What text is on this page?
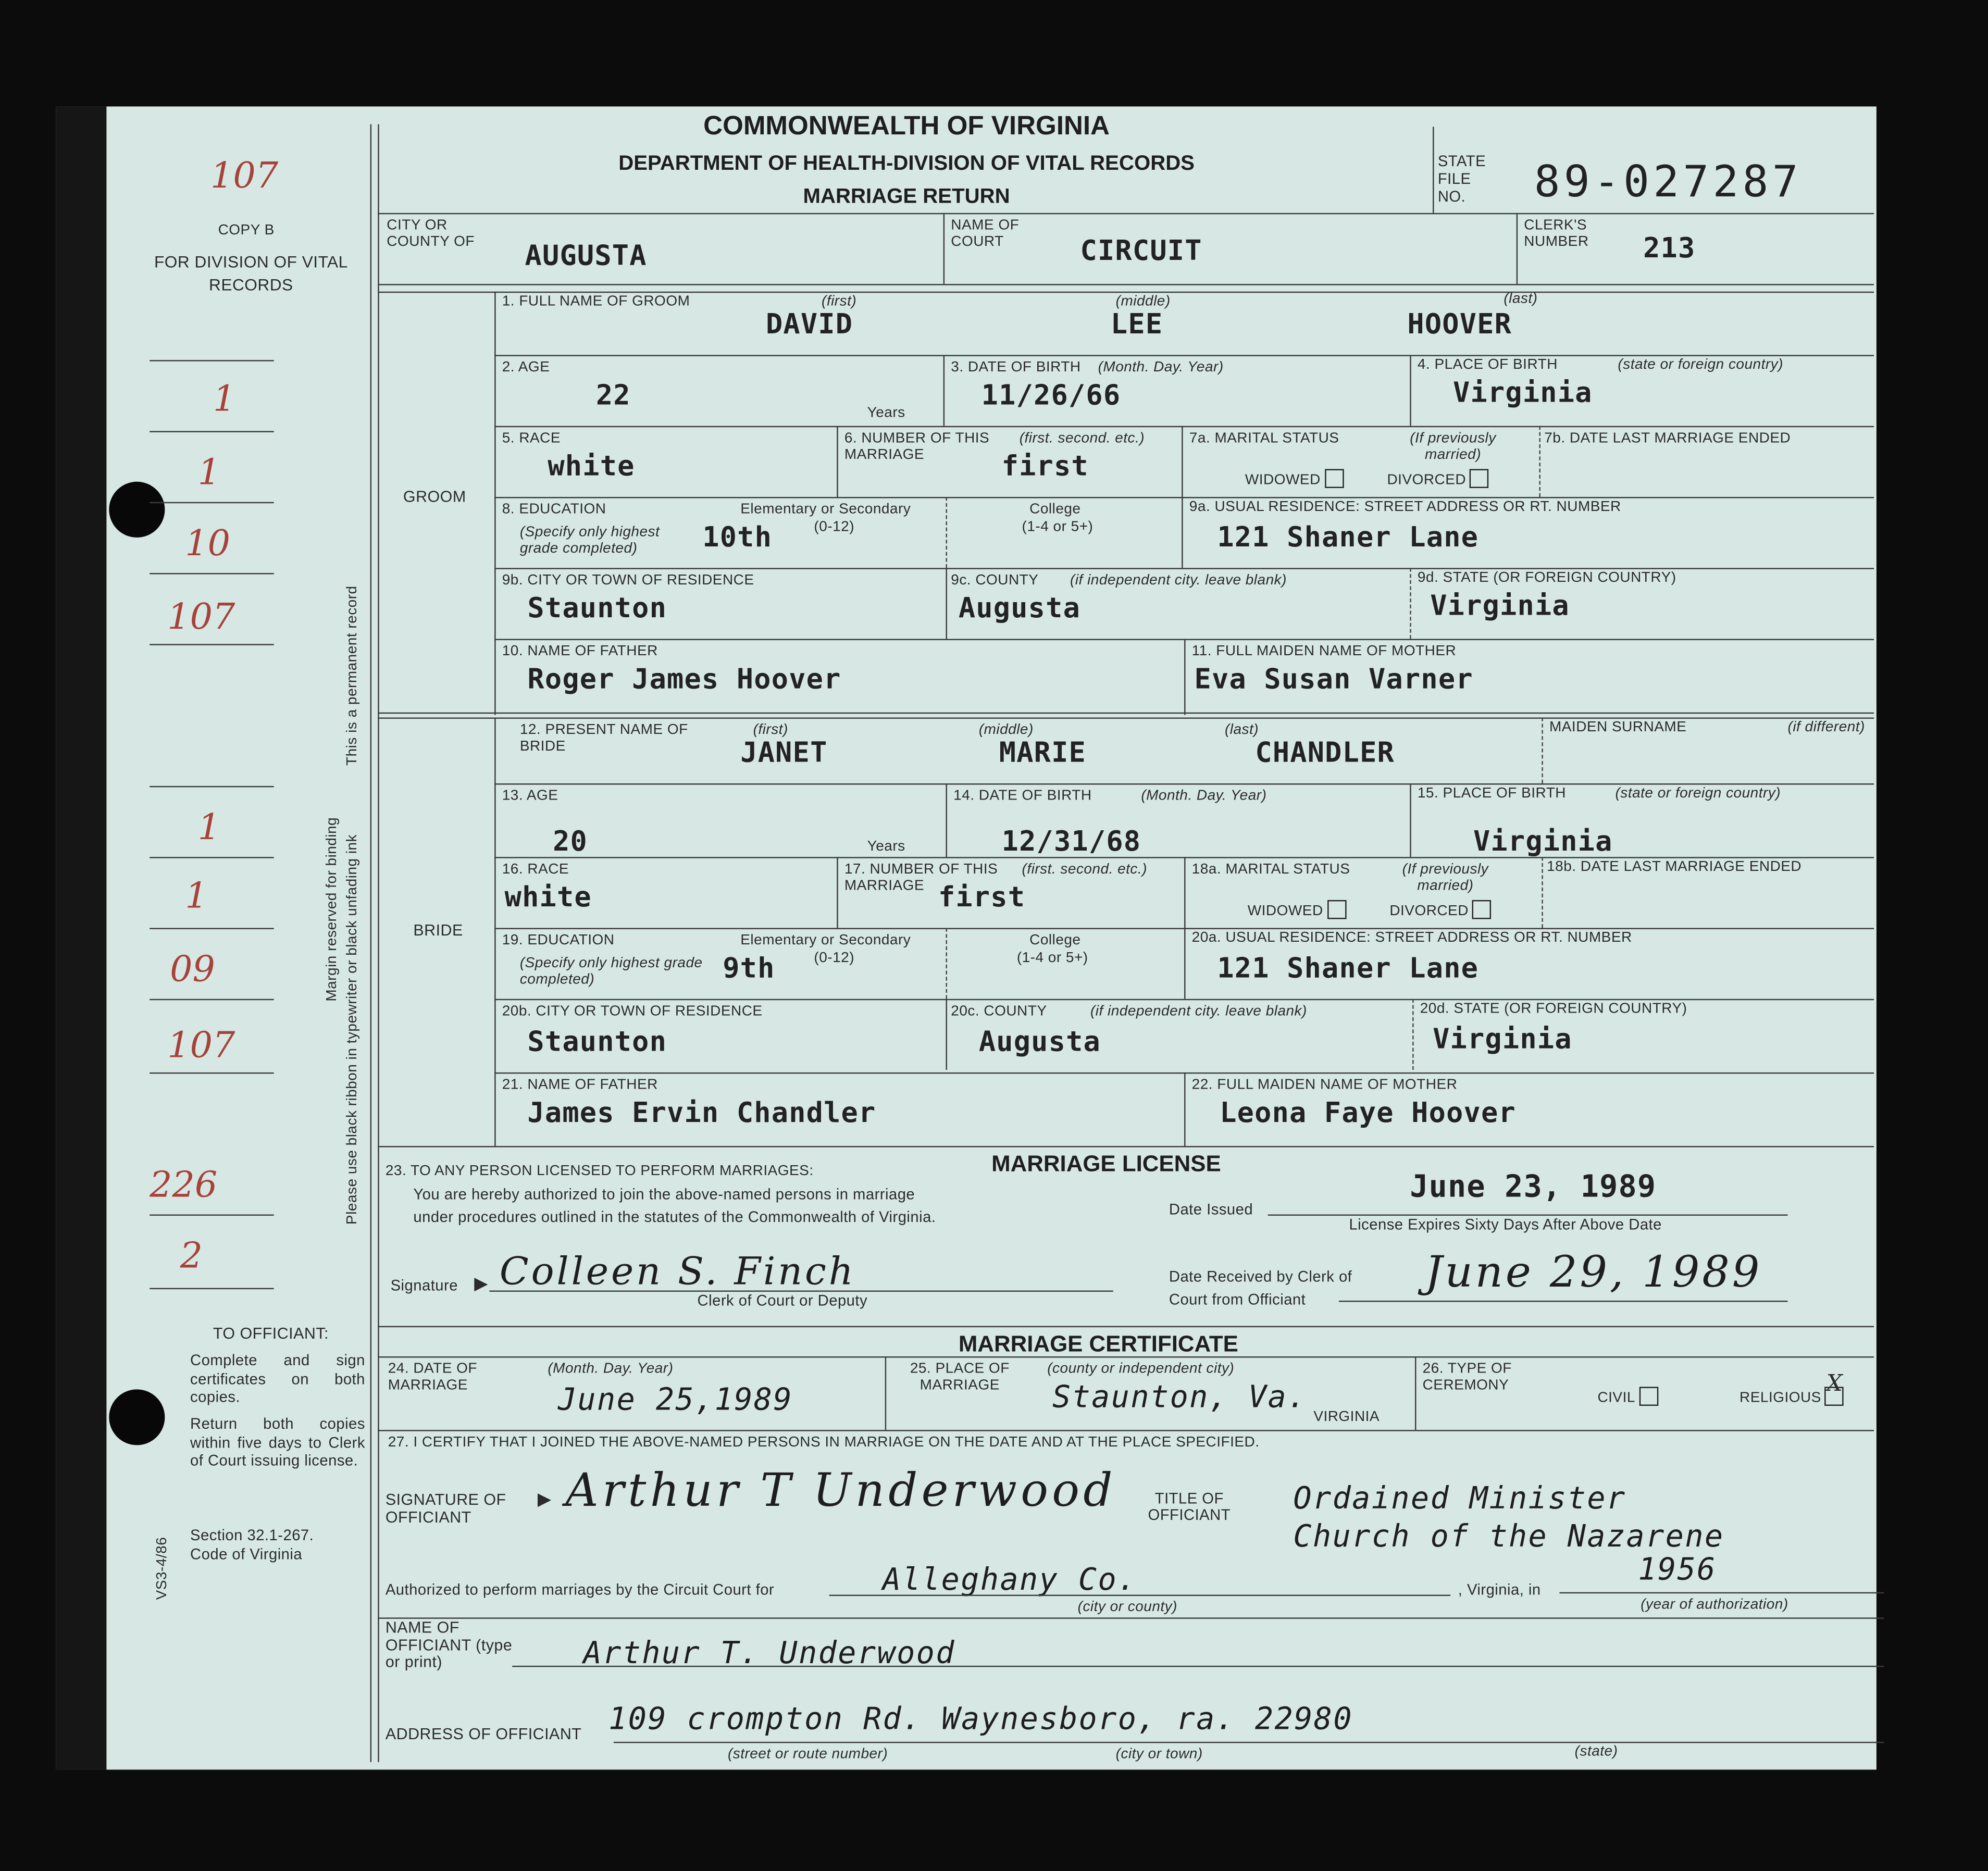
107
COPY B
FOR DIVISION OF VITAL RECORDS
1
1
10
107
1
1
09
107
226
2
TO OFFICIANT:
Complete and sign certificates on both copies.
Return both copies within five days to Clerk of Court issuing license.
Section 32.1-267. Code of Virginia
VS3-4/86
Margin reserved for binding Please use black ribbon in typewriter or black unfading ink
This is a permanent record
COMMONWEALTH OF VIRGINIA
DEPARTMENT OF HEALTH-DIVISION OF VITAL RECORDS
MARRIAGE RETURN
STATE FILE NO.	89-027287
CITY OR COUNTY OF	AUGUSTA
NAME OF COURT	CIRCUIT
CLERK'S NUMBER	213
GROOM
1. FULL NAME OF GROOM	(first)	(middle)	(last)
DAVID	LEE	HOOVER
2. AGE
22
Years
3. DATE OF BIRTH	(Month. Day. Year)
11/26/66
4. PLACE OF BIRTH	(state or foreign country)
Virginia
5. RACE
white
6. NUMBER OF THIS MARRIAGE
(first. second. etc.)
first
7a. MARITAL STATUS	(If previously married)
WIDOWED	DIVORCED
7b. DATE LAST MARRIAGE ENDED
8. EDUCATION
(Specify only highest grade completed)
Elementary or Secondary
(0-12)
10th
College
(1-4 or 5+)
9a. USUAL RESIDENCE: STREET ADDRESS OR RT. NUMBER
121 Shaner Lane
9b. CITY OR TOWN OF RESIDENCE
Staunton
9c. COUNTY	(if independent city. leave blank)
Augusta
9d. STATE (OR FOREIGN COUNTRY)
Virginia
10. NAME OF FATHER
Roger James Hoover
11. FULL MAIDEN NAME OF MOTHER
Eva Susan Varner
BRIDE
12. PRESENT NAME OF BRIDE
(first)	(middle)	(last)
JANET	MARIE	CHANDLER
MAIDEN SURNAME	(if different)
13. AGE
20	Years
14. DATE OF BIRTH	(Month. Day. Year)
12/31/68
15. PLACE OF BIRTH	(state or foreign country)
Virginia
16. RACE
white
17. NUMBER OF THIS MARRIAGE
(first. second. etc.)
first
18a. MARITAL STATUS	(If previously married)
WIDOWED	DIVORCED
18b. DATE LAST MARRIAGE ENDED
19. EDUCATION
(Specify only highest grade completed)
Elementary or Secondary
(0-12)
9th
College
(1-4 or 5+)
20a. USUAL RESIDENCE: STREET ADDRESS OR RT. NUMBER
121 Shaner Lane
20b. CITY OR TOWN OF RESIDENCE
Staunton
20c. COUNTY	(if independent city. leave blank)
Augusta
20d. STATE (OR FOREIGN COUNTRY)
Virginia
21. NAME OF FATHER
James Ervin Chandler
22. FULL MAIDEN NAME OF MOTHER
Leona Faye Hoover
MARRIAGE LICENSE
23. TO ANY PERSON LICENSED TO PERFORM MARRIAGES:
You are hereby authorized to join the above-named persons in marriage
under procedures outlined in the statutes of the Commonwealth of Virginia.	Date Issued
June 23, 1989
License Expires Sixty Days After Above Date
Signature ▶ Colleen S. Finch
Clerk of Court or Deputy
Date Received by Clerk of Court from Officiant
June 29, 1989
MARRIAGE CERTIFICATE
24. DATE OF MARRIAGE
(Month. Day. Year)
June 25,1989
25. PLACE OF MARRIAGE
(county or independent city)
Staunton, Va.
VIRGINIA
26. TYPE OF CEREMONY
CIVIL	RELIGIOUS
X
27. I CERTIFY THAT I JOINED THE ABOVE-NAMED PERSONS IN MARRIAGE ON THE DATE AND AT THE PLACE SPECIFIED.
SIGNATURE OF OFFICIANT
▶ Arthur T Underwood	TITLE OF OFFICIANT	Ordained Minister
Church of the Nazarene
Authorized to perform marriages by the Circuit Court for	Alleghany Co.
(city or county)
, Virginia, in
1956
(year of authorization)
NAME OF OFFICIANT (type or print)	Arthur T. Underwood
ADDRESS OF OFFICIANT 109 crompton Rd. Waynesboro, ra. 22980
(street or route number)	(city or town)	(state)
